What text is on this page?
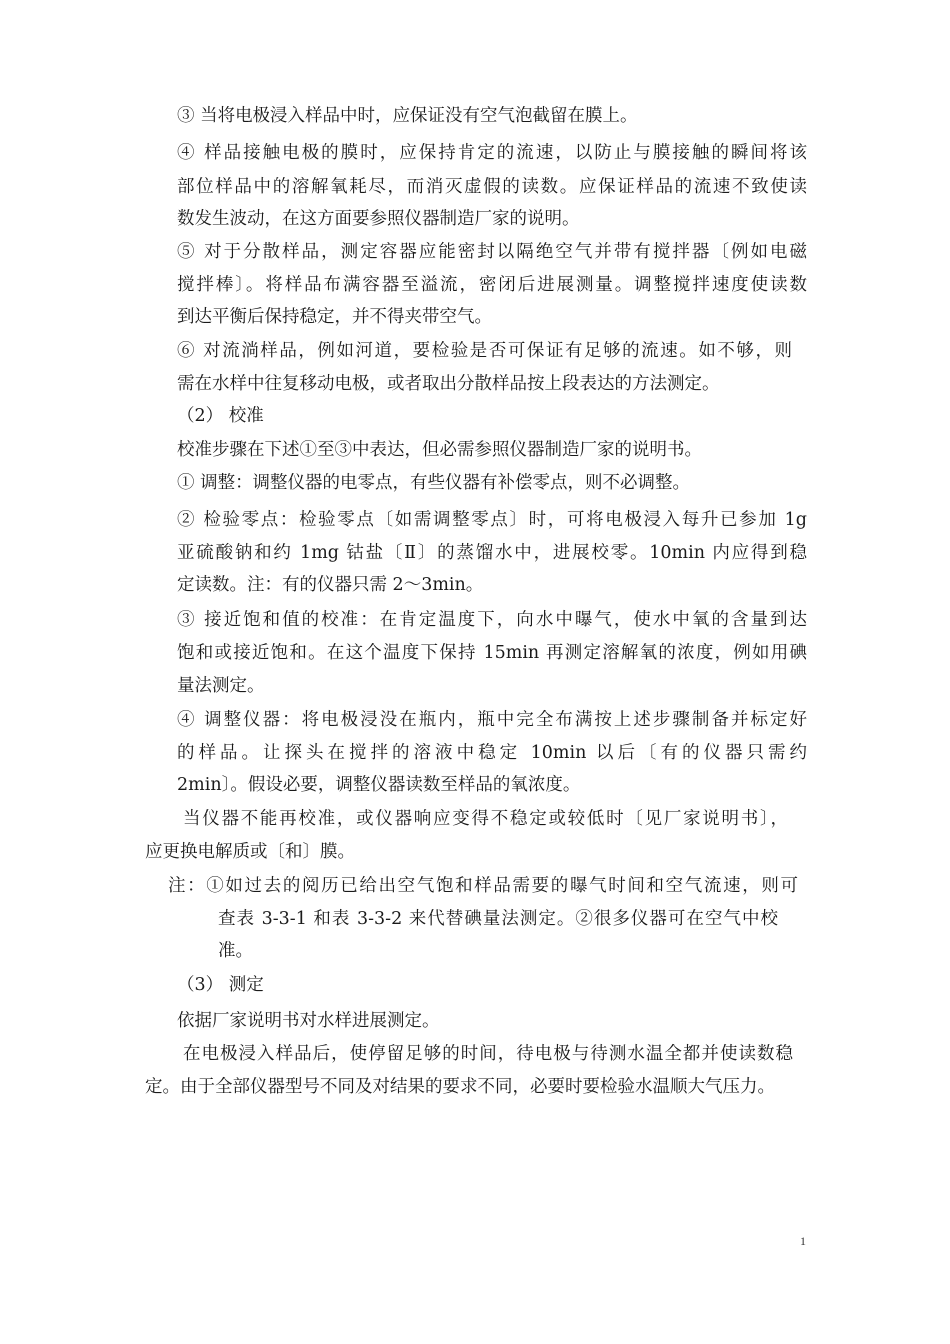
③ 当将电极浸入样品中时，应保证没有空气泡截留在膜上。
④ 样品接触电极的膜时，应保持肯定的流速，以防止与膜接触的瞬间将该
部位样品中的溶解氧耗尽，而消灭虚假的读数。应保证样品的流速不致使读
数发生波动，在这方面要参照仪器制造厂家的说明。
⑤ 对于分散样品，测定容器应能密封以隔绝空气并带有搅拌器〔例如电磁
搅拌棒〕。将样品布满容器至溢流，密闭后进展测量。调整搅拌速度使读数
到达平衡后保持稳定，并不得夹带空气。
⑥ 对流淌样品，例如河道，要检验是否可保证有足够的流速。如不够，则
需在水样中往复移动电极，或者取出分散样品按上段表达的方法测定。
（2） 校准
校准步骤在下述①至③中表达，但必需参照仪器制造厂家的说明书。
① 调整：调整仪器的电零点，有些仪器有补偿零点，则不必调整。
② 检验零点：检验零点〔如需调整零点〕时，可将电极浸入每升已参加 1g
亚硫酸钠和约 1mg 钴盐〔Ⅱ〕的蒸馏水中，进展校零。10min 内应得到稳
定读数。注：有的仪器只需 2～3min。
③ 接近饱和值的校准：在肯定温度下，向水中曝气，使水中氧的含量到达
饱和或接近饱和。在这个温度下保持 15min 再测定溶解氧的浓度，例如用碘
量法测定。
④ 调整仪器：将电极浸没在瓶内，瓶中完全布满按上述步骤制备并标定好
的样品。让探头在搅拌的溶液中稳定 10min 以后〔有的仪器只需约
2min〕。假设必要，调整仪器读数至样品的氧浓度。
当仪器不能再校准，或仪器响应变得不稳定或较低时〔见厂家说明书〕，
应更换电解质或〔和〕膜。
注：①如过去的阅历已给出空气饱和样品需要的曝气时间和空气流速，则可
查表 3-3-1 和表 3-3-2 来代替碘量法测定。②很多仪器可在空气中校
准。
（3） 测定
依据厂家说明书对水样进展测定。
在电极浸入样品后，使停留足够的时间，待电极与待测水温全都并使读数稳
定。由于全部仪器型号不同及对结果的要求不同，必要时要检验水温顺大气压力。
1
